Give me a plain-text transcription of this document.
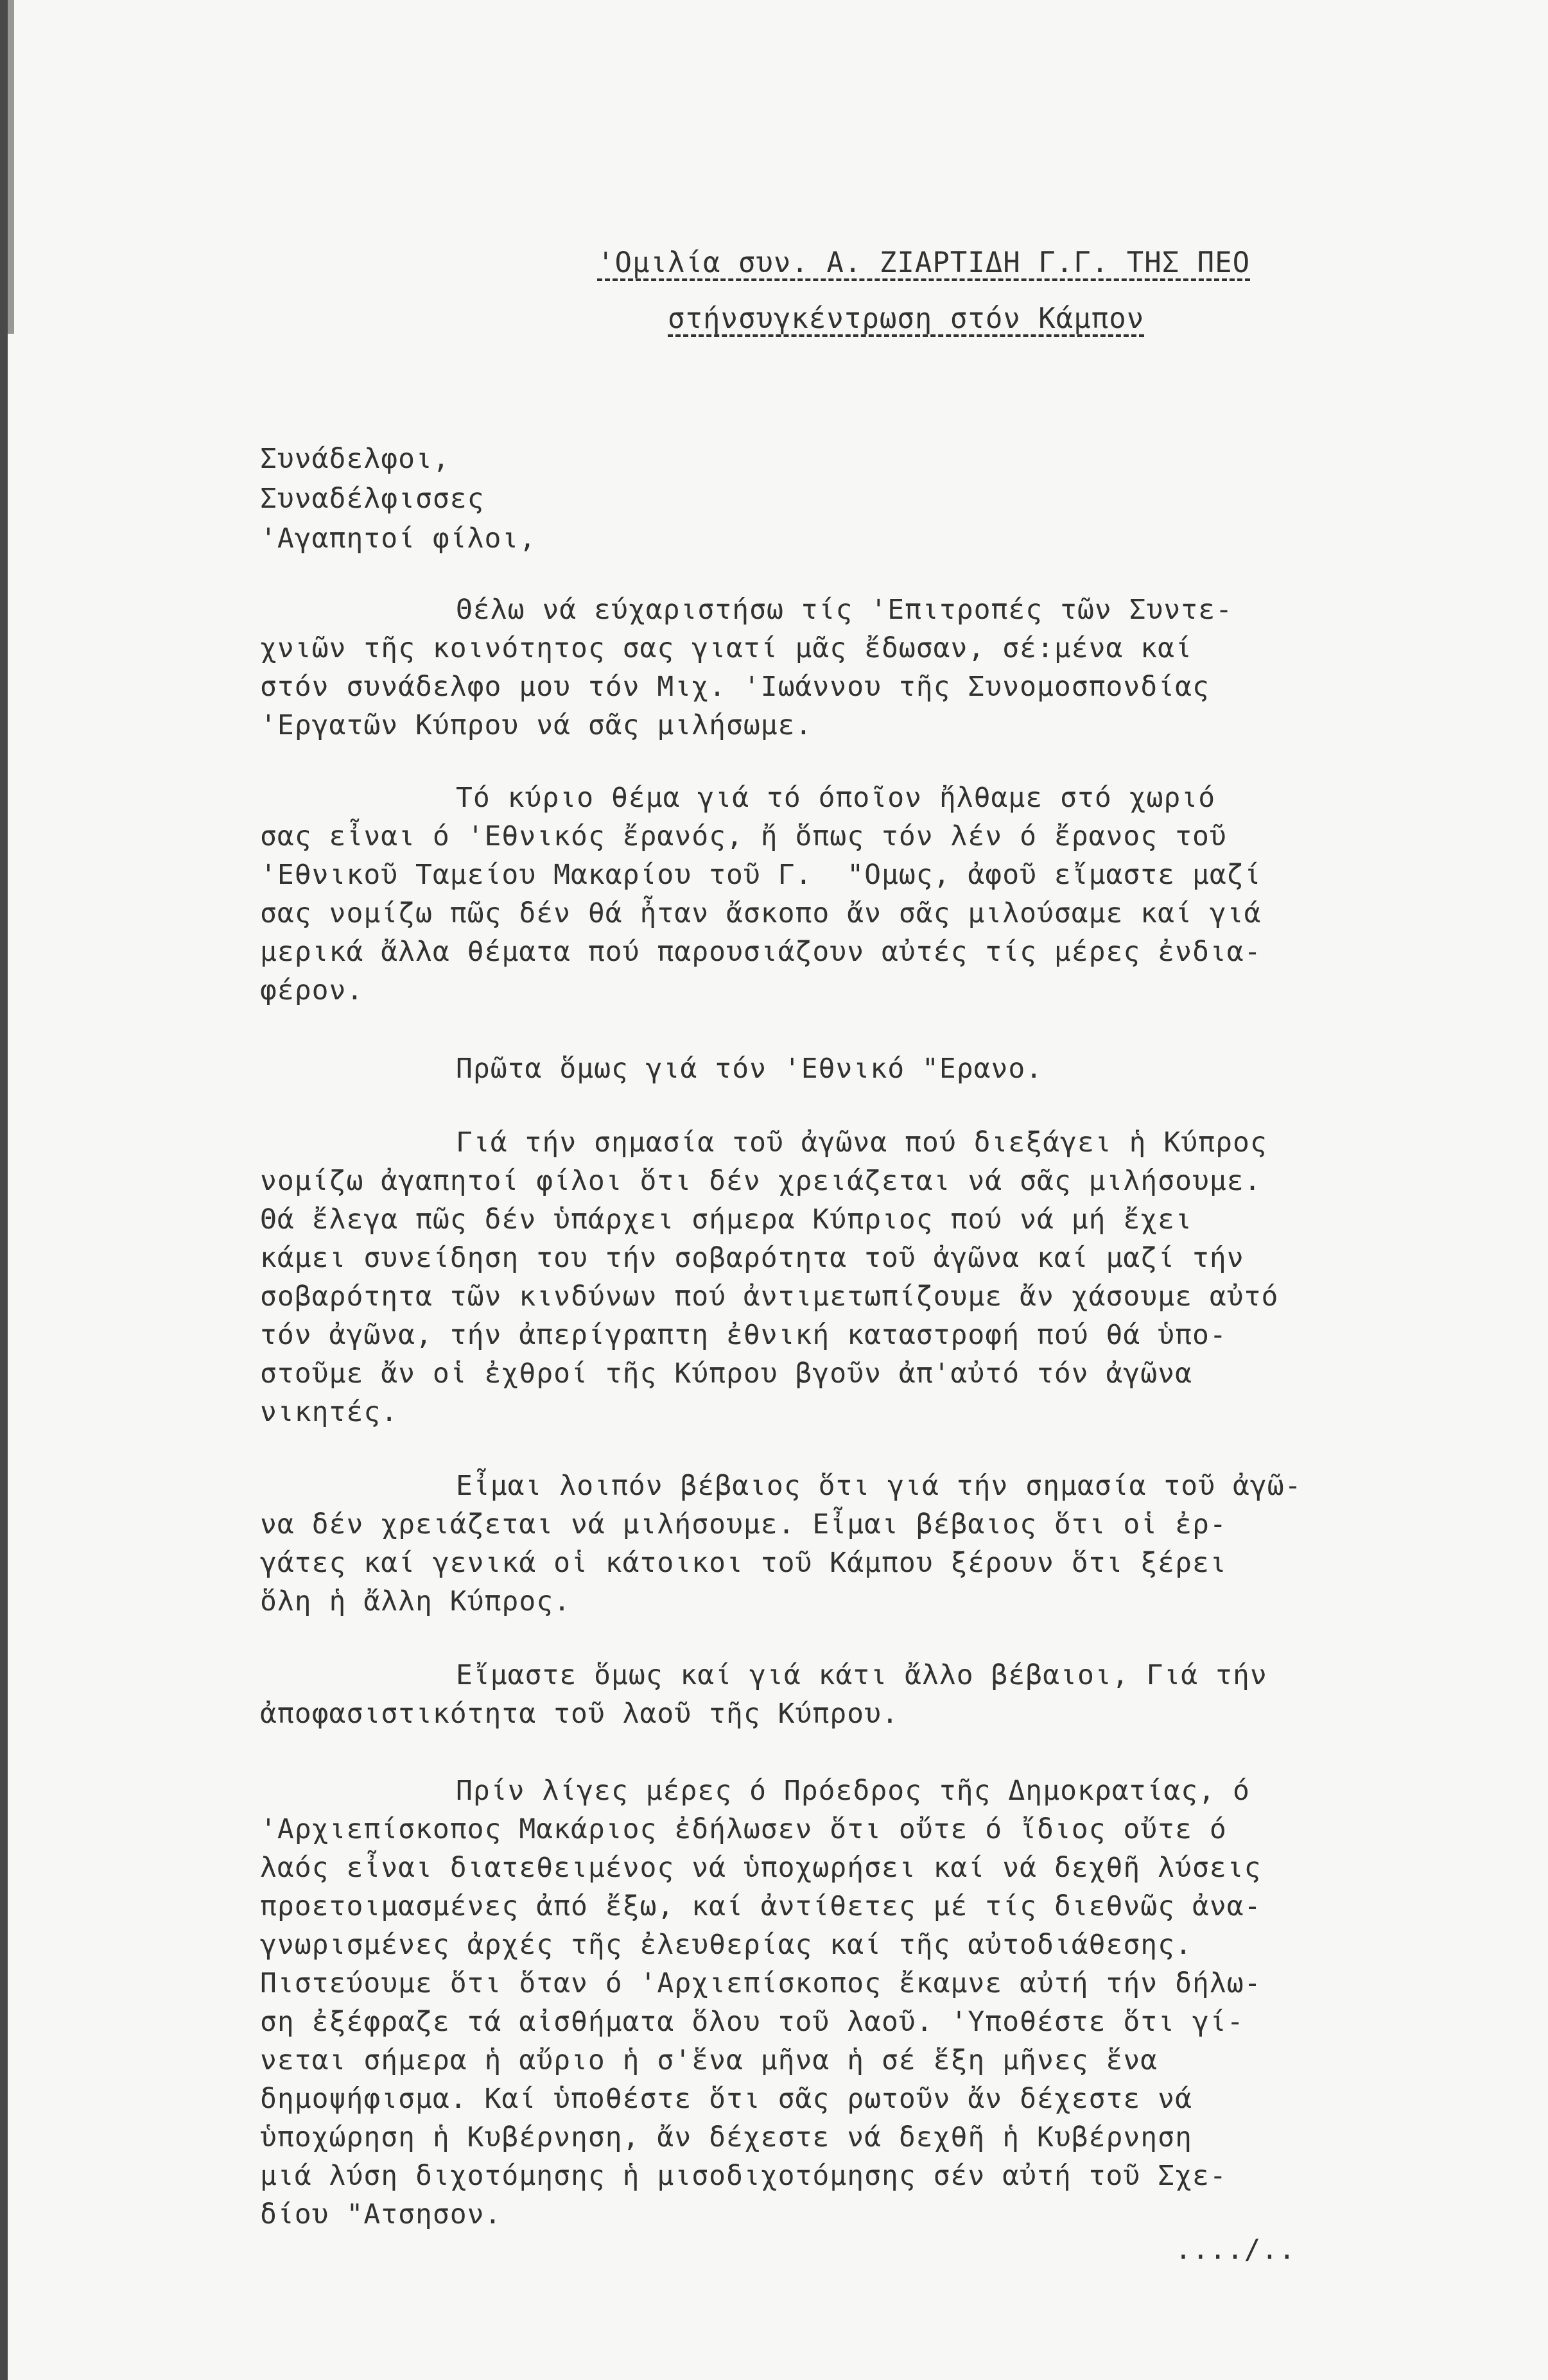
'Ομιλία συν. Α. ΖΙΑΡΤΙΔΗ Γ.Γ. ΤΗΣ ΠΕΟ
στήνσυγκέντρωση στόν Κάμπον
Συνάδελφοι,
Συναδέλφισσες
'Αγαπητοί φίλοι,
Θέλω νά εύχαριστήσω τίς 'Επιτροπές τῶν Συντε-
χνιῶν τῆς κοινότητος σας γιατί μᾶς ἔδωσαν, σέ:μένα καί
στόν συνάδελφο μου τόν Μιχ. 'Ιωάννου τῆς Συνομοσπονδίας
'Εργατῶν Κύπρου νά σᾶς μιλήσωμε.
Τό κύριο θέμα γιά τό όποῖον ἤλθαμε στό χωριό
σας εἶναι ό 'Εθνικός ἔρανός, ἤ ὅπως τόν λέν ό ἔρανος τοῦ
'Εθνικοῦ Ταμείου Μακαρίου τοῦ Γ.  "Ομως, ἀφοῦ εἴμαστε μαζί
σας νομίζω πῶς δέν θά ἦταν ἄσκοπο ἄν σᾶς μιλούσαμε καί γιά
μερικά ἄλλα θέματα πού παρουσιάζουν αὐτές τίς μέρες ἐνδια-
φέρον.
Πρῶτα ὅμως γιά τόν 'Εθνικό "Ερανο.
Γιά τήν σημασία τοῦ ἀγῶνα πού διεξάγει ἡ Κύπρος
νομίζω ἀγαπητοί φίλοι ὅτι δέν χρειάζεται νά σᾶς μιλήσουμε.
Θά ἔλεγα πῶς δέν ὑπάρχει σήμερα Κύπριος πού νά μή ἔχει
κάμει συνείδηση του τήν σοβαρότητα τοῦ ἀγῶνα καί μαζί τήν
σοβαρότητα τῶν κινδύνων πού ἀντιμετωπίζουμε ἄν χάσουμε αὐτό
τόν ἀγῶνα, τήν ἀπερίγραπτη ἐθνική καταστροφή πού θά ὑπο-
στοῦμε ἄν οἱ ἐχθροί τῆς Κύπρου βγοῦν ἀπ'αὐτό τόν ἀγῶνα
νικητές.
Εἶμαι λοιπόν βέβαιος ὅτι γιά τήν σημασία τοῦ ἀγῶ-
να δέν χρειάζεται νά μιλήσουμε. Εἶμαι βέβαιος ὅτι οἱ ἐρ-
γάτες καί γενικά οἱ κάτοικοι τοῦ Κάμπου ξέρουν ὅτι ξέρει
ὅλη ἡ ἄλλη Κύπρος.
Εἴμαστε ὅμως καί γιά κάτι ἄλλο βέβαιοι, Γιά τήν
ἀποφασιστικότητα τοῦ λαοῦ τῆς Κύπρου.
Πρίν λίγες μέρες ό Πρόεδρος τῆς Δημοκρατίας, ό
'Αρχιεπίσκοπος Μακάριος ἐδήλωσεν ὅτι οὔτε ό ἴδιος οὔτε ό
λαός εἶναι διατεθειμένος νά ὑποχωρήσει καί νά δεχθῆ λύσεις
προετοιμασμένες ἀπό ἔξω, καί ἀντίθετες μέ τίς διεθνῶς ἀνα-
γνωρισμένες ἀρχές τῆς ἐλευθερίας καί τῆς αὐτοδιάθεσης.
Πιστεύουμε ὅτι ὅταν ό 'Αρχιεπίσκοπος ἔκαμνε αὐτή τήν δήλω-
ση ἐξέφραζε τά αἰσθήματα ὅλου τοῦ λαοῦ. 'Υποθέστε ὅτι γί-
νεται σήμερα ἡ αὔριο ἡ σ'ἕνα μῆνα ἡ σέ ἕξη μῆνες ἕνα
δημοψήφισμα. Καί ὑποθέστε ὅτι σᾶς ρωτοῦν ἄν δέχεστε νά
ὑποχώρηση ἡ Κυβέρνηση, ἄν δέχεστε νά δεχθῆ ἡ Κυβέρνηση
μιά λύση διχοτόμησης ἡ μισοδιχοτόμησης σέν αὐτή τοῦ Σχε-
δίου "Ατσησον.
..../..
